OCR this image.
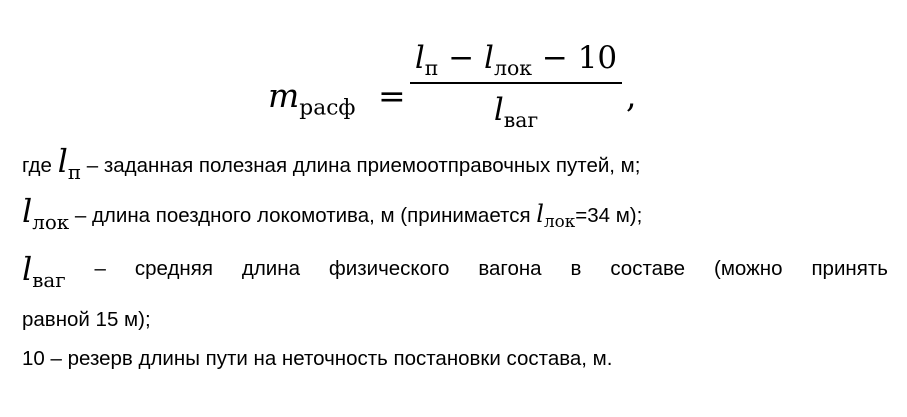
$m_{расф}$ =
$l_п - l_{лок} - 10$
$l_{ваг}$
,
где $l_п$ – заданная полезная длина приемоотправочных путей, м;
$l_{лок}$ – длина поездного локомотива, м (принимается $l_{лок}=34$ м);
$l_{ваг}$
– средняя длина физического вагона в составе (можно принять
равной 15 м);
10 – резерв длины пути на неточность постановки состава, м.
